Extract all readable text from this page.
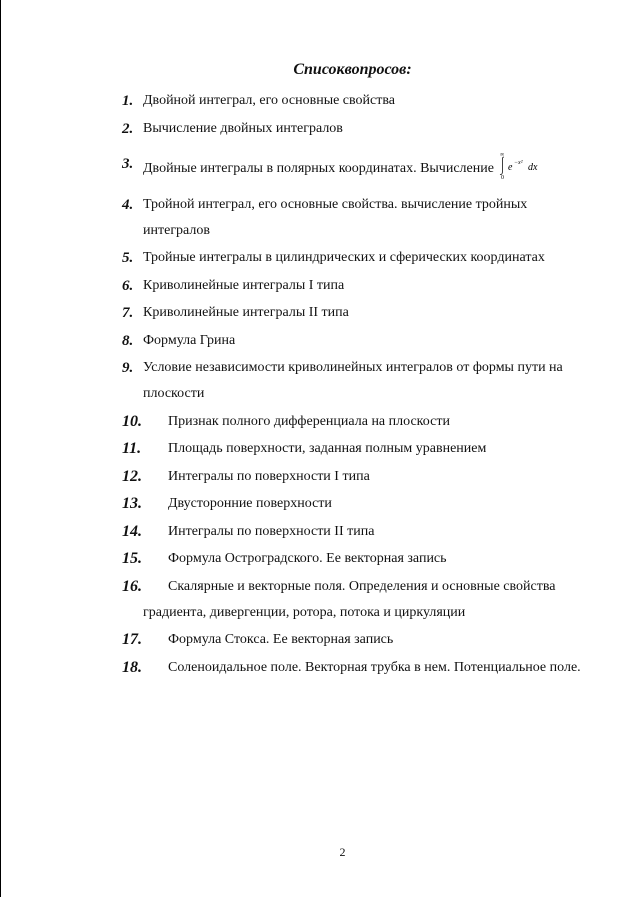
Списоквопросов:
1. Двойной интеграл, его основные свойства
2. Вычисление двойных интегралов
3. Двойные интегралы в полярных координатах. Вычисление
∞
0
e −x² dx
4. Тройной интеграл, его основные свойства. вычисление тройных интегралов
5. Тройные интегралы в цилиндрических и сферических координатах
6. Криволинейные интегралы I типа
7. Криволинейные интегралы II типа
8. Формула Грина
9. Условие независимости криволинейных интегралов от формы пути на плоскости
10.	Признак полного дифференциала на плоскости
11.	Площадь поверхности, заданная полным уравнением
12.	Интегралы по поверхности I типа
13.	Двусторонние поверхности
14.	Интегралы по поверхности II типа
15.	Формула Остроградского. Ее векторная запись
16.	Скалярные и векторные поля. Определения и основные свойства градиента, дивергенции, ротора, потока и циркуляции
17.	Формула Стокса. Ее векторная запись
18.	Соленоидальное поле. Векторная трубка в нем. Потенциальное поле.
2
